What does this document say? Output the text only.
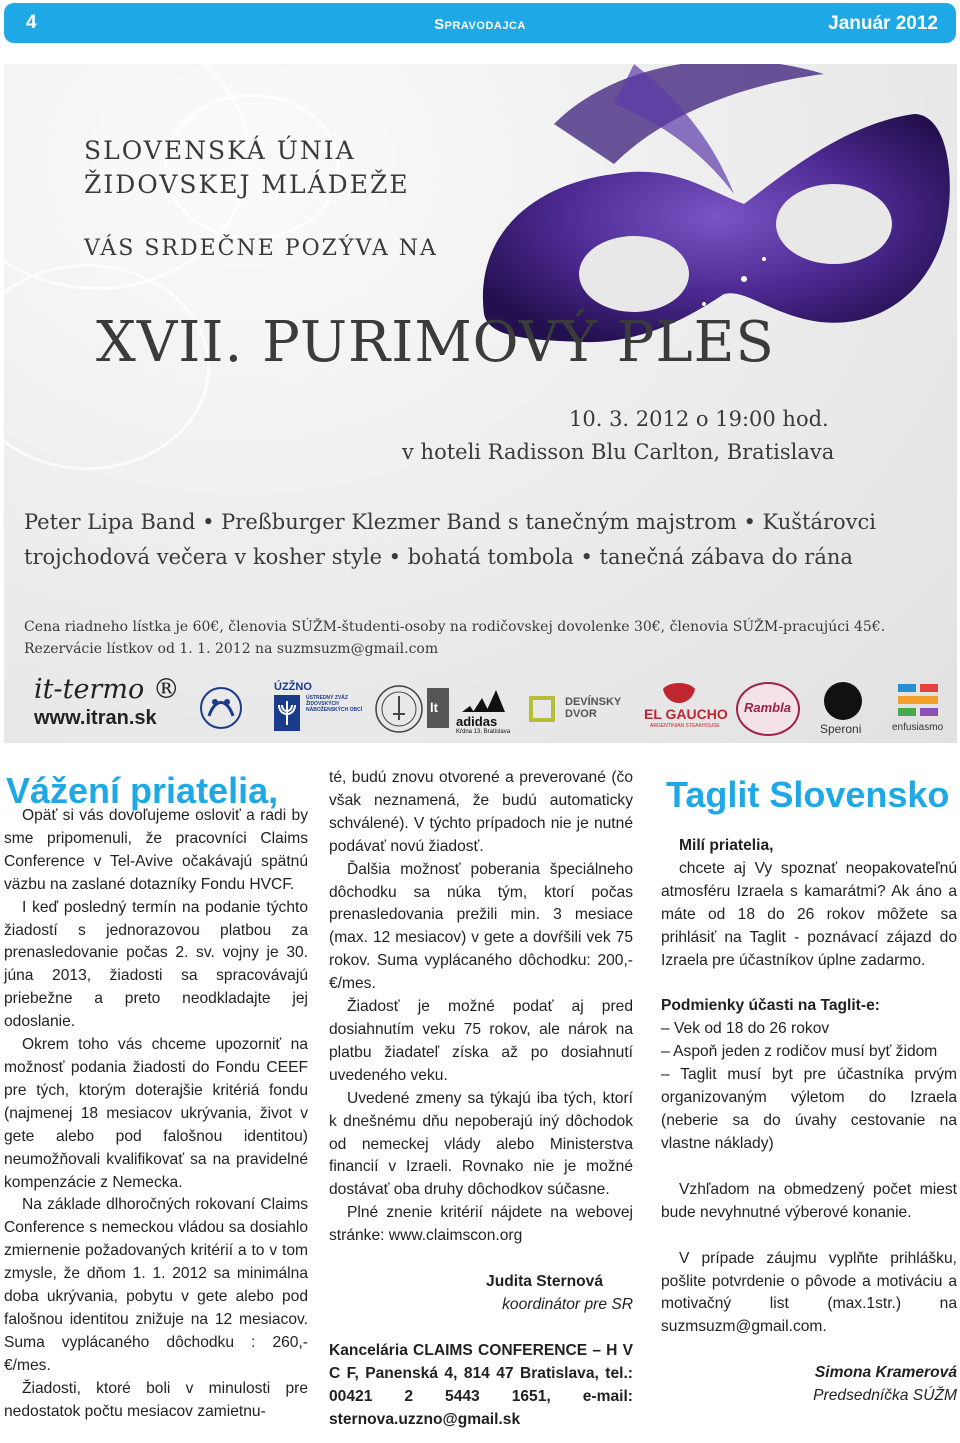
4	Spravodajca	Január 2012
SLOVENSKÁ ÚNIA
ŽIDOVSKEJ MLÁDEŽE
VÁS SRDEČNE POZÝVA NA
XVII. PURIMOVÝ PLES
10. 3. 2012 o 19:00 hod.
v hoteli Radisson Blu Carlton, Bratislava
Peter Lipa Band • Preßburger Klezmer Band s tanečným majstrom • Kuštárovci
trojchodová večera v kosher style • bohatá tombola • tanečná zábava do rána
Cena riadneho lístka je 60€, členovia SÚŽM-študenti-osoby na rodičovskej dovolenke 30€, členovia SÚŽM-pracujúci 45€.
Rezervácie lístkov od 1. 1. 2012 na suzmsuzm@gmail.com
it-termo ®
www.itran.sk
ÚZŽNO
ÚSTREDNÝ ZVÄZ ŽIDOVSKÝCH NÁBOŽENSKÝCH OBCÍ	lt
adidas
Kŕdna 13, Bratislava
DEVÍNSKY
DVOR	EL GAUCHO
ARGENTINIAN STEAKHOUSE
Rambla
Speroni	enfusiasmo
Vážení priatelia,

Opäť si vás dovoľujeme osloviť a radi by sme pripomenuli, že pracovníci Claims Conference v Tel-Avive očakávajú spätnú väzbu na zaslané dotazníky Fondu HVCF.

I keď posledný termín na podanie týchto žiadostí s jednorazovou platbou za prenasledovanie počas 2. sv. vojny je 30. júna 2013, žiadosti sa spracovávajú priebežne a preto neodkladajte jej odoslanie.

Okrem toho vás chceme upozorniť na možnosť podania žiadosti do Fondu CEEF pre tých, ktorým doterajšie kritériá fondu (najmenej 18 mesiacov ukrývania, život v gete alebo pod falošnou identitou) neumožňovali kvalifikovať sa na pravidelné kompenzácie z Nemecka.

Na základe dlhoročných rokovaní Claims Conference s nemeckou vládou sa dosiahlo zmiernenie požadovaných kritérií a to v tom zmysle, že dňom 1. 1. 2012 sa minimálna doba ukrývania, pobytu v gete alebo pod falošnou identitou znižuje na 12 mesiacov. Suma vyplácaného dôchodku : 260,- €/mes.

Žiadosti, ktoré boli v minulosti pre nedostatok počtu mesiacov zamietnu-

té, budú znovu otvorené a preverované (čo však neznamená, že budú automaticky schválené). V týchto prípadoch nie je nutné podávať novú žiadosť.

Ďalšia možnosť poberania špeciálneho dôchodku sa núka tým, ktorí počas prenasledovania prežili min. 3 mesiace (max. 12 mesiacov) v gete a dovŕšili vek 75 rokov. Suma vyplácaného dôchodku: 200,- €/mes.

Žiadosť je možné podať aj pred dosiahnutím veku 75 rokov, ale nárok na platbu žiadateľ získa až po dosiahnutí uvedeného veku.

Uvedené zmeny sa týkajú iba tých, ktorí k dnešnému dňu nepoberajú iný dôchodok od nemeckej vlády alebo Ministerstva financií v Izraeli. Rovnako nie je možné dostávať oba druhy dôchodkov súčasne.

Plné znenie kritérií nájdete na webovej stránke: www.claimscon.org

Judita Sternová

koordinátor pre SR

Kancelária CLAIMS CONFERENCE – H V C F, Panenská 4, 814 47 Bratislava, tel.: 00421 2 5443 1651, e-mail: sternova.uzzno@gmail.sk

Taglit Slovensko

Milí priatelia,

chcete aj Vy spoznať neopakovateľnú atmosféru Izraela s kamarátmi? Ak áno a máte od 18 do 26 rokov môžete sa prihlásiť na Taglit - poznávací zájazd do Izraela pre účastníkov úplne zadarmo.

Podmienky účasti na Taglit-e:

– Vek od 18 do 26 rokov

– Aspoň jeden z rodičov musí byť židom

– Taglit musí byt pre účastníka prvým organizovaným výletom do Izraela (neberie sa do úvahy cestovanie na vlastne náklady)

Vzhľadom na obmedzený počet miest bude nevyhnutné výberové konanie.

V prípade záujmu vyplňte prihlášku, pošlite potvrdenie o pôvode a motiváciu a motivačný list (max.1str.) na suzmsuzm@gmail.com.

Simona Kramerová

Predsedníčka SÚŽM
